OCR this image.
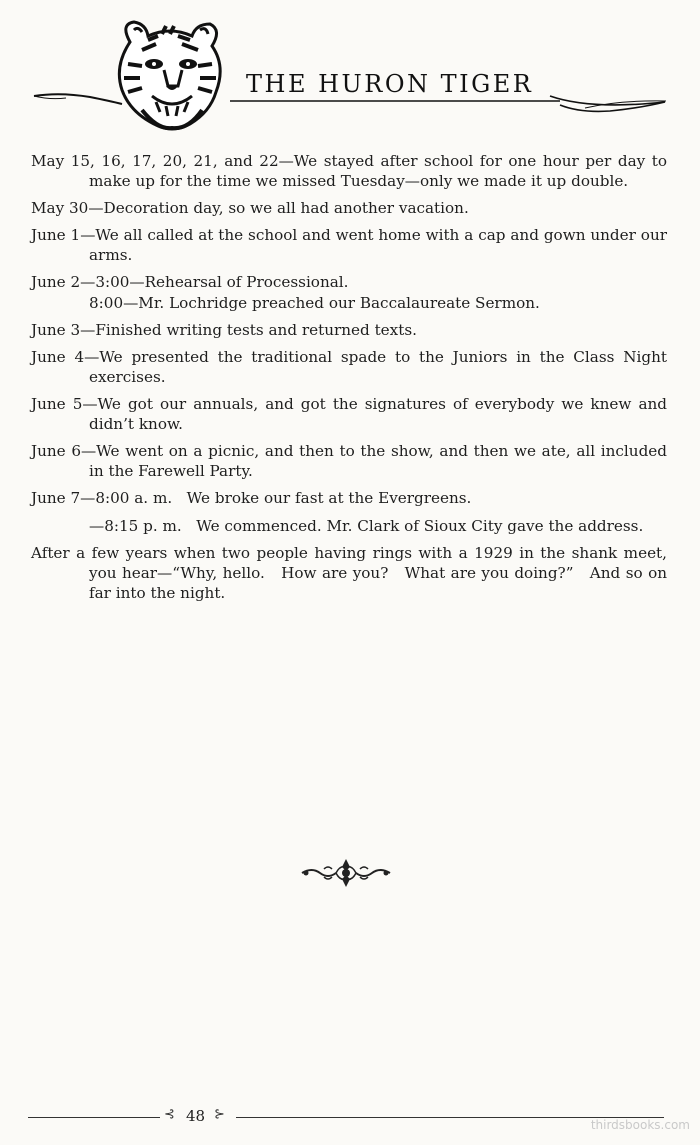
THE HURON TIGER

May 15, 16, 17, 20, 21, and 22—We stayed after school for one hour per day to make up for the time we missed Tuesday—only we made it up double.

May 30—Decoration day, so we all had another vacation.

June 1—We all called at the school and went home with a cap and gown under our arms.

June 2—3:00—Rehearsal of Processional.

8:00—Mr. Lochridge preached our Baccalaureate Sermon.

June 3—Finished writing tests and returned texts.

June 4—We presented the traditional spade to the Juniors in the Class Night exercises.

June 5—We got our annuals, and got the signatures of everybody we knew and didn’t know.

June 6—We went on a picnic, and then to the show, and then we ate, all included in the Farewell Party.

June 7—8:00 a. m.   We broke our fast at the Evergreens.

—8:15 p. m.   We commenced. Mr. Clark of Sioux City gave the address.

After a few years when two people having rings with a 1929 in the shank meet, you hear—“Why, hello.   How are you?   What are you doing?”   And so on far into the night.

⊰ 48 ⊱
thirdsbooks.com
